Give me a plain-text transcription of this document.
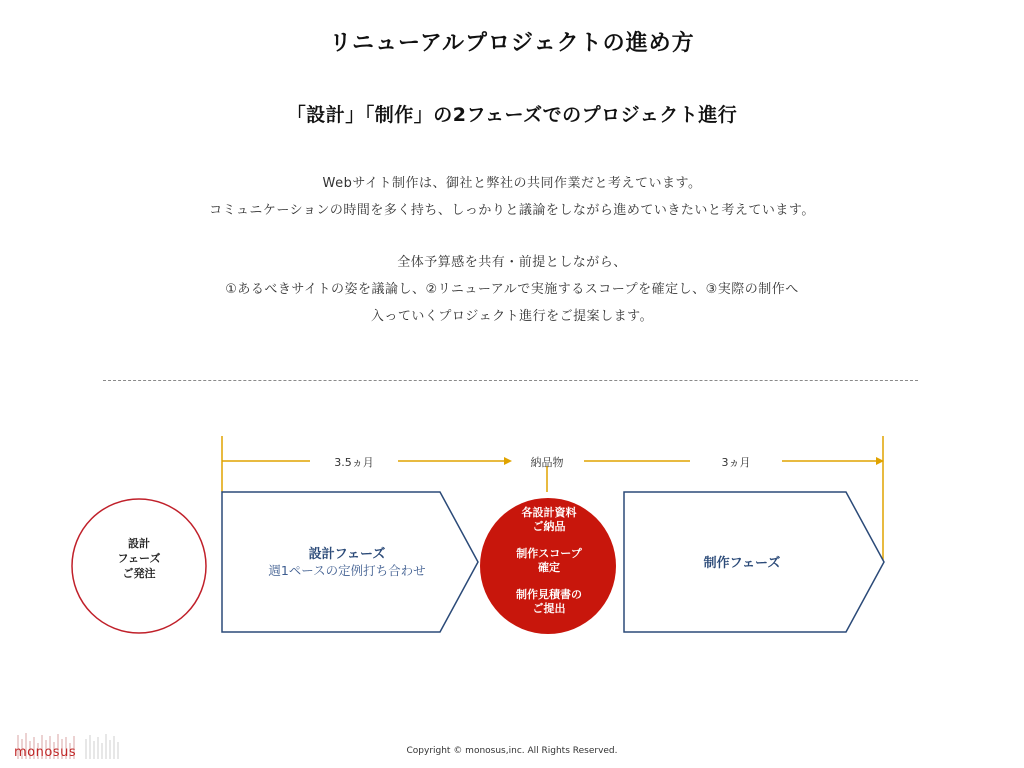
リニューアルプロジェクトの進め方
「設計」「制作」の2フェーズでのプロジェクト進行

Webサイト制作は、御社と弊社の共同作業だと考えています。

コミュニケーションの時間を多く持ち、しっかりと議論をしながら進めていきたいと考えています。

全体予算感を共有・前提としながら、

①あるべきサイトの姿を議論し、②リニューアルで実施するスコープを確定し、③実際の制作へ

入っていくプロジェクト進行をご提案します。

3.5ヵ月	納品物	3ヵ月
設計
フェーズ
ご発注
設計フェーズ
週1ペースの定例打ち合わせ
各設計資料
ご納品
制作スコープ
確定
制作見積書の
ご提出
制作フェーズ
monosus	Copyright © monosus,inc. All Rights Reserved.
